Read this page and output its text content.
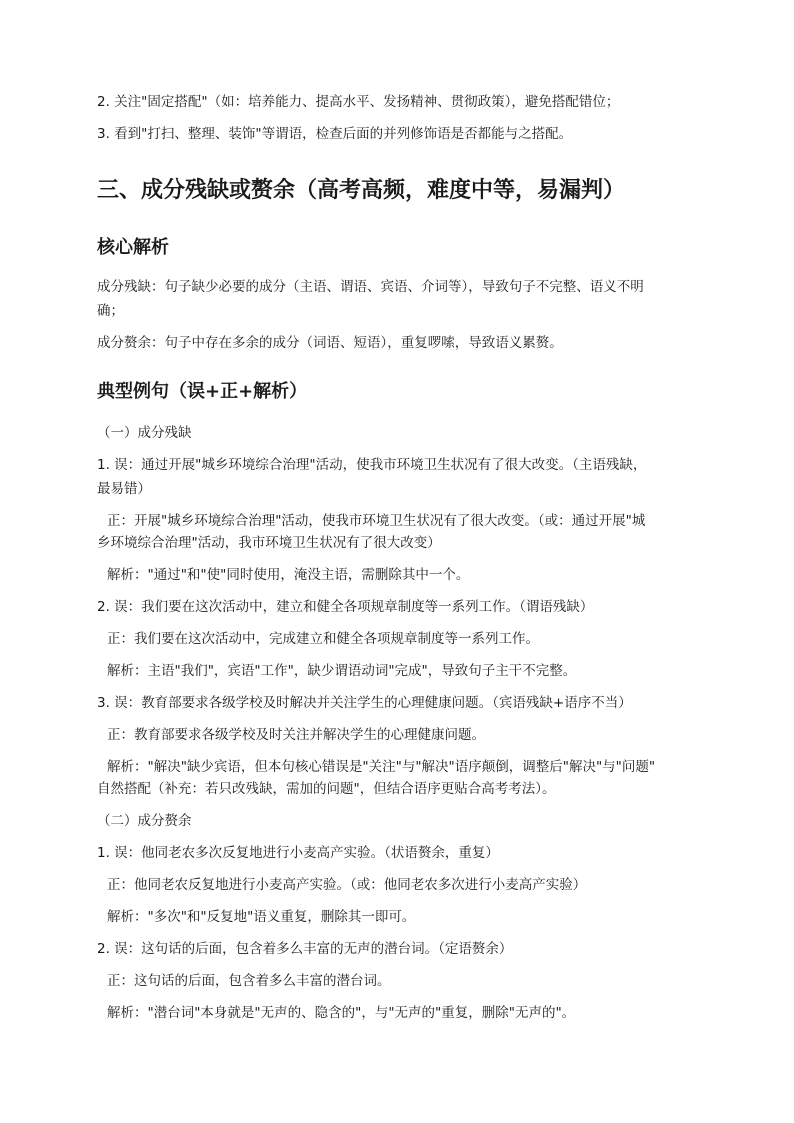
2. 关注"固定搭配"（如：培养能力、提高水平、发扬精神、贯彻政策），避免搭配错位；
3. 看到"打扫、整理、装饰"等谓语，检查后面的并列修饰语是否都能与之搭配。
三、成分残缺或赘余（高考高频，难度中等，易漏判）
核心解析
成分残缺：句子缺少必要的成分（主语、谓语、宾语、介词等），导致句子不完整、语义不明
确；
成分赘余：句子中存在多余的成分（词语、短语），重复啰嗦，导致语义累赘。
典型例句（误+正+解析）
（一）成分残缺
1. 误：通过开展"城乡环境综合治理"活动，使我市环境卫生状况有了很大改变。（主语残缺，
最易错）
正：开展"城乡环境综合治理"活动，使我市环境卫生状况有了很大改变。（或：通过开展"城
乡环境综合治理"活动，我市环境卫生状况有了很大改变）
解析："通过"和"使"同时使用，淹没主语，需删除其中一个。
2. 误：我们要在这次活动中，建立和健全各项规章制度等一系列工作。（谓语残缺）
正：我们要在这次活动中，完成建立和健全各项规章制度等一系列工作。
解析：主语"我们"，宾语"工作"，缺少谓语动词"完成"，导致句子主干不完整。
3. 误：教育部要求各级学校及时解决并关注学生的心理健康问题。（宾语残缺+语序不当）
正：教育部要求各级学校及时关注并解决学生的心理健康问题。
解析："解决"缺少宾语，但本句核心错误是"关注"与"解决"语序颠倒，调整后"解决"与"问题"
自然搭配（补充：若只改残缺，需加的问题"，但结合语序更贴合高考考法）。
（二）成分赘余
1. 误：他同老农多次反复地进行小麦高产实验。（状语赘余，重复）
正：他同老农反复地进行小麦高产实验。（或：他同老农多次进行小麦高产实验）
解析："多次"和"反复地"语义重复，删除其一即可。
2. 误：这句话的后面，包含着多么丰富的无声的潜台词。（定语赘余）
正：这句话的后面，包含着多么丰富的潜台词。
解析："潜台词"本身就是"无声的、隐含的"，与"无声的"重复，删除"无声的"。
